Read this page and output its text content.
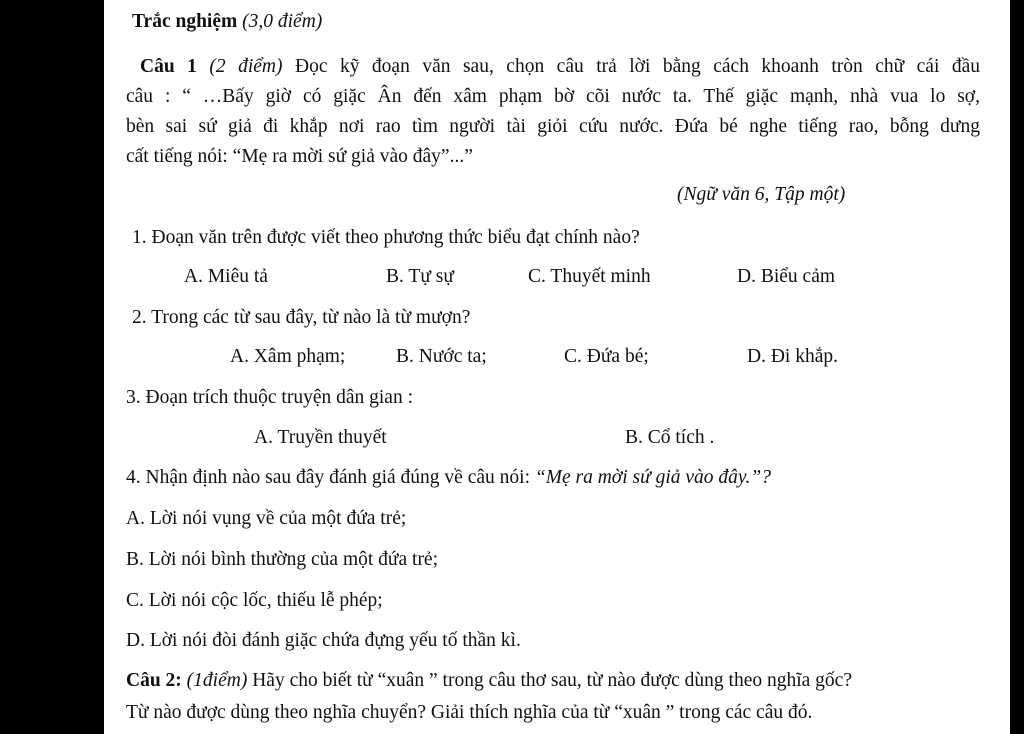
Trắc nghiệm (3,0 điểm)
Câu 1 (2 điểm) Đọc kỹ đoạn văn sau, chọn câu trả lời bằng cách khoanh tròn chữ cái đầu
câu : “ …Bấy giờ có giặc Ân đến xâm phạm bờ cõi nước ta. Thế giặc mạnh, nhà vua lo sợ,
bèn sai sứ giả đi khắp nơi rao tìm người tài giỏi cứu nước. Đứa bé nghe tiếng rao, bỗng dưng
cất tiếng nói: “Mẹ ra mời sứ giả vào đây”...”
(Ngữ văn 6, Tập một)
1. Đoạn văn trên được viết theo phương thức biểu đạt chính nào?
A. Miêu tả	B. Tự sự	C. Thuyết minh	D. Biểu cảm
2. Trong các từ sau đây, từ nào là từ mượn?
A. Xâm phạm;	B. Nước ta;	C. Đứa bé;	D. Đi khắp.
3. Đoạn trích thuộc truyện dân gian :
A. Truyền thuyết	B. Cổ tích .
4. Nhận định nào sau đây đánh giá đúng về câu nói: “Mẹ ra mời sứ giả vào đây.”?
A. Lời nói vụng về của một đứa trẻ;
B. Lời nói bình thường của một đứa trẻ;
C. Lời nói cộc lốc, thiếu lễ phép;
D. Lời nói đòi đánh giặc chứa đựng yếu tố thần kì.
Câu 2: (1điểm) Hãy cho biết từ “xuân ” trong câu thơ sau, từ nào được dùng theo nghĩa gốc?
Từ nào được dùng theo nghĩa chuyển? Giải thích nghĩa của từ “xuân ” trong các câu đó.
